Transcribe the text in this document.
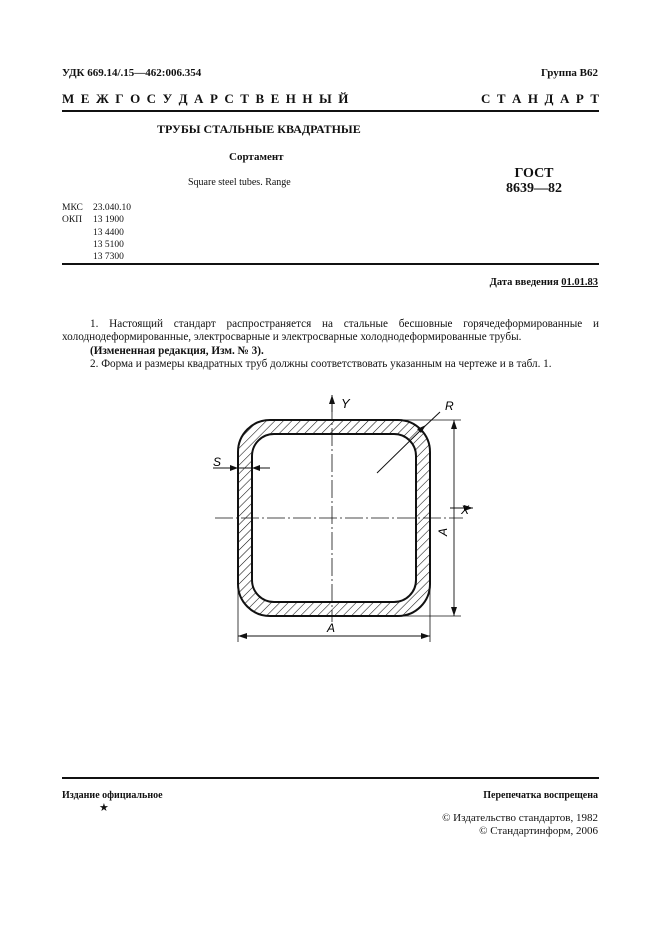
УДК 669.14/.15—462:006.354	Группа В62
М Е Ж Г О С У Д А Р С Т В Е Н Н Ы Й	С Т А Н Д А Р Т
ТРУБЫ СТАЛЬНЫЕ КВАДРАТНЫЕ
Сортамент
Square steel tubes. Range
ГОСТ
8639—82
МКС	23.040.10
ОКП	13 1900
13 4400
13 5100
13 7300
Дата введения 01.01.83
1. Настоящий стандарт распространяется на стальные бесшовные горячедеформированные и холоднодеформированные, электросварные и электросварные холоднодеформированные трубы.
(Измененная редакция, Изм. № 3).
2. Форма и размеры квадратных труб должны соответствовать указанным на чертеже и в табл. 1.
Y
X
R
S
A
A
Издание официальное	Перепечатка воспрещена
★
© Издательство стандартов, 1982
© Стандартинформ, 2006
